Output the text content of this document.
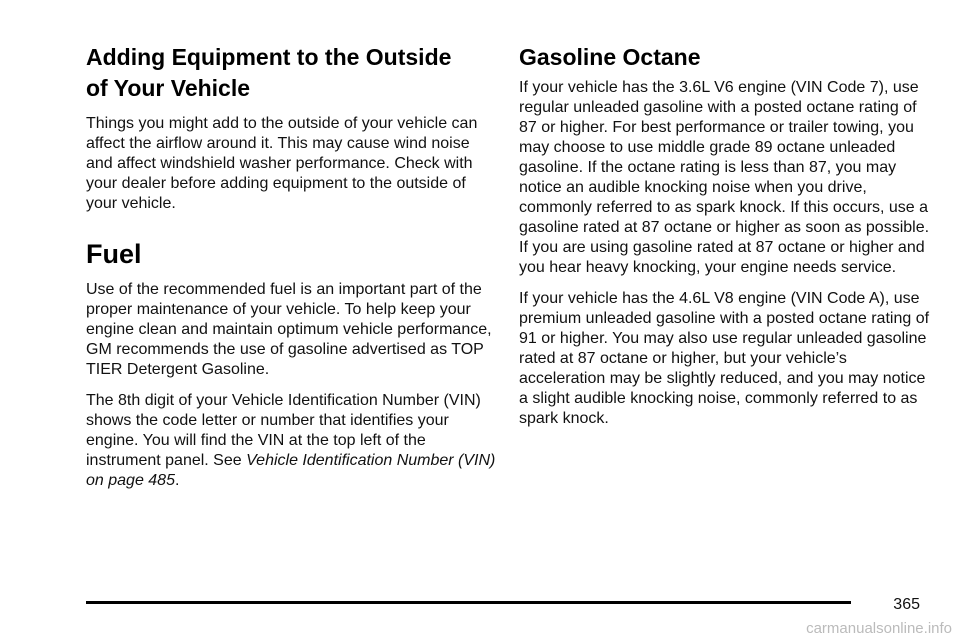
Adding Equipment to the Outside

of Your Vehicle

Things you might add to the outside of your vehicle can affect the airflow around it. This may cause wind noise and affect windshield washer performance. Check with your dealer before adding equipment to the outside of your vehicle.

Fuel

Use of the recommended fuel is an important part of the proper maintenance of your vehicle. To help keep your engine clean and maintain optimum vehicle performance, GM recommends the use of gasoline advertised as TOP TIER Detergent Gasoline.

The 8th digit of your Vehicle Identification Number (VIN) shows the code letter or number that identifies your engine. You will find the VIN at the top left of the instrument panel. See Vehicle Identification Number (VIN) on page 485.

Gasoline Octane

If your vehicle has the 3.6L V6 engine (VIN Code 7), use regular unleaded gasoline with a posted octane rating of 87 or higher. For best performance or trailer towing, you may choose to use middle grade 89 octane unleaded gasoline. If the octane rating is less than 87, you may notice an audible knocking noise when you drive, commonly referred to as spark knock. If this occurs, use a gasoline rated at 87 octane or higher as soon as possible. If you are using gasoline rated at 87 octane or higher and you hear heavy knocking, your engine needs service.

If your vehicle has the 4.6L V8 engine (VIN Code A), use premium unleaded gasoline with a posted octane rating of 91 or higher. You may also use regular unleaded gasoline rated at 87 octane or higher, but your vehicle’s acceleration may be slightly reduced, and you may notice a slight audible knocking noise, commonly referred to as spark knock.

365
carmanualsonline.info
